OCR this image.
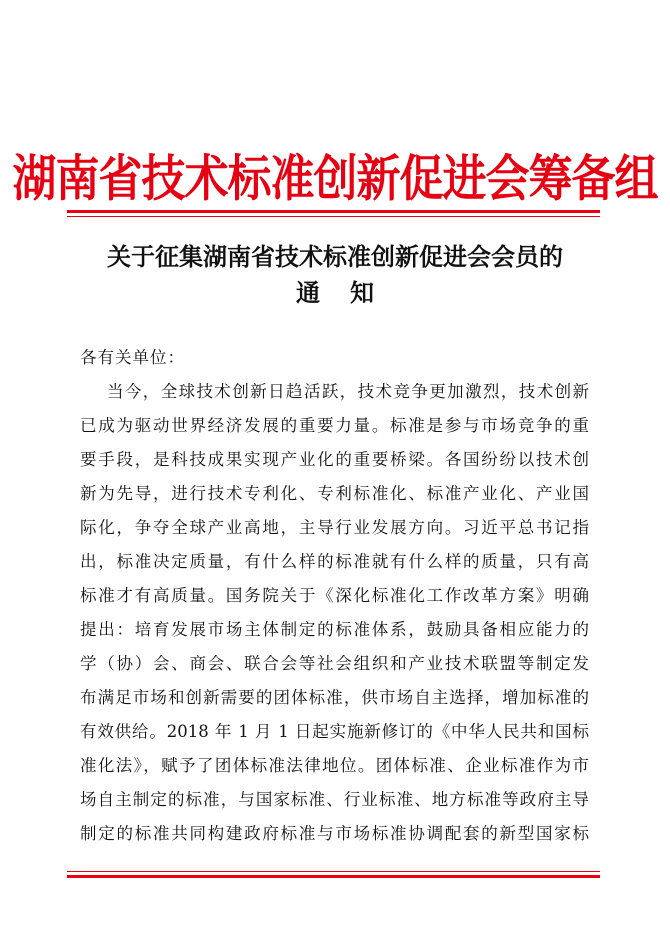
湖南省技术标准创新促进会筹备组
关于征集湖南省技术标准创新促进会会员的
通知
各有关单位：
当今，全球技术创新日趋活跃，技术竞争更加激烈，技术创新
已成为驱动世界经济发展的重要力量。标准是参与市场竞争的重
要手段，是科技成果实现产业化的重要桥梁。各国纷纷以技术创
新为先导，进行技术专利化、专利标准化、标准产业化、产业国
际化，争夺全球产业高地，主导行业发展方向。习近平总书记指
出，标准决定质量，有什么样的标准就有什么样的质量，只有高
标准才有高质量。国务院关于《深化标准化工作改革方案》明确
提出：培育发展市场主体制定的标准体系，鼓励具备相应能力的
学（协）会、商会、联合会等社会组织和产业技术联盟等制定发
布满足市场和创新需要的团体标准，供市场自主选择，增加标准的
有效供给。2018 年 1 月 1 日起实施新修订的《中华人民共和国标
准化法》，赋予了团体标准法律地位。团体标准、企业标准作为市
场自主制定的标准，与国家标准、行业标准、地方标准等政府主导
制定的标准共同构建政府标准与市场标准协调配套的新型国家标
